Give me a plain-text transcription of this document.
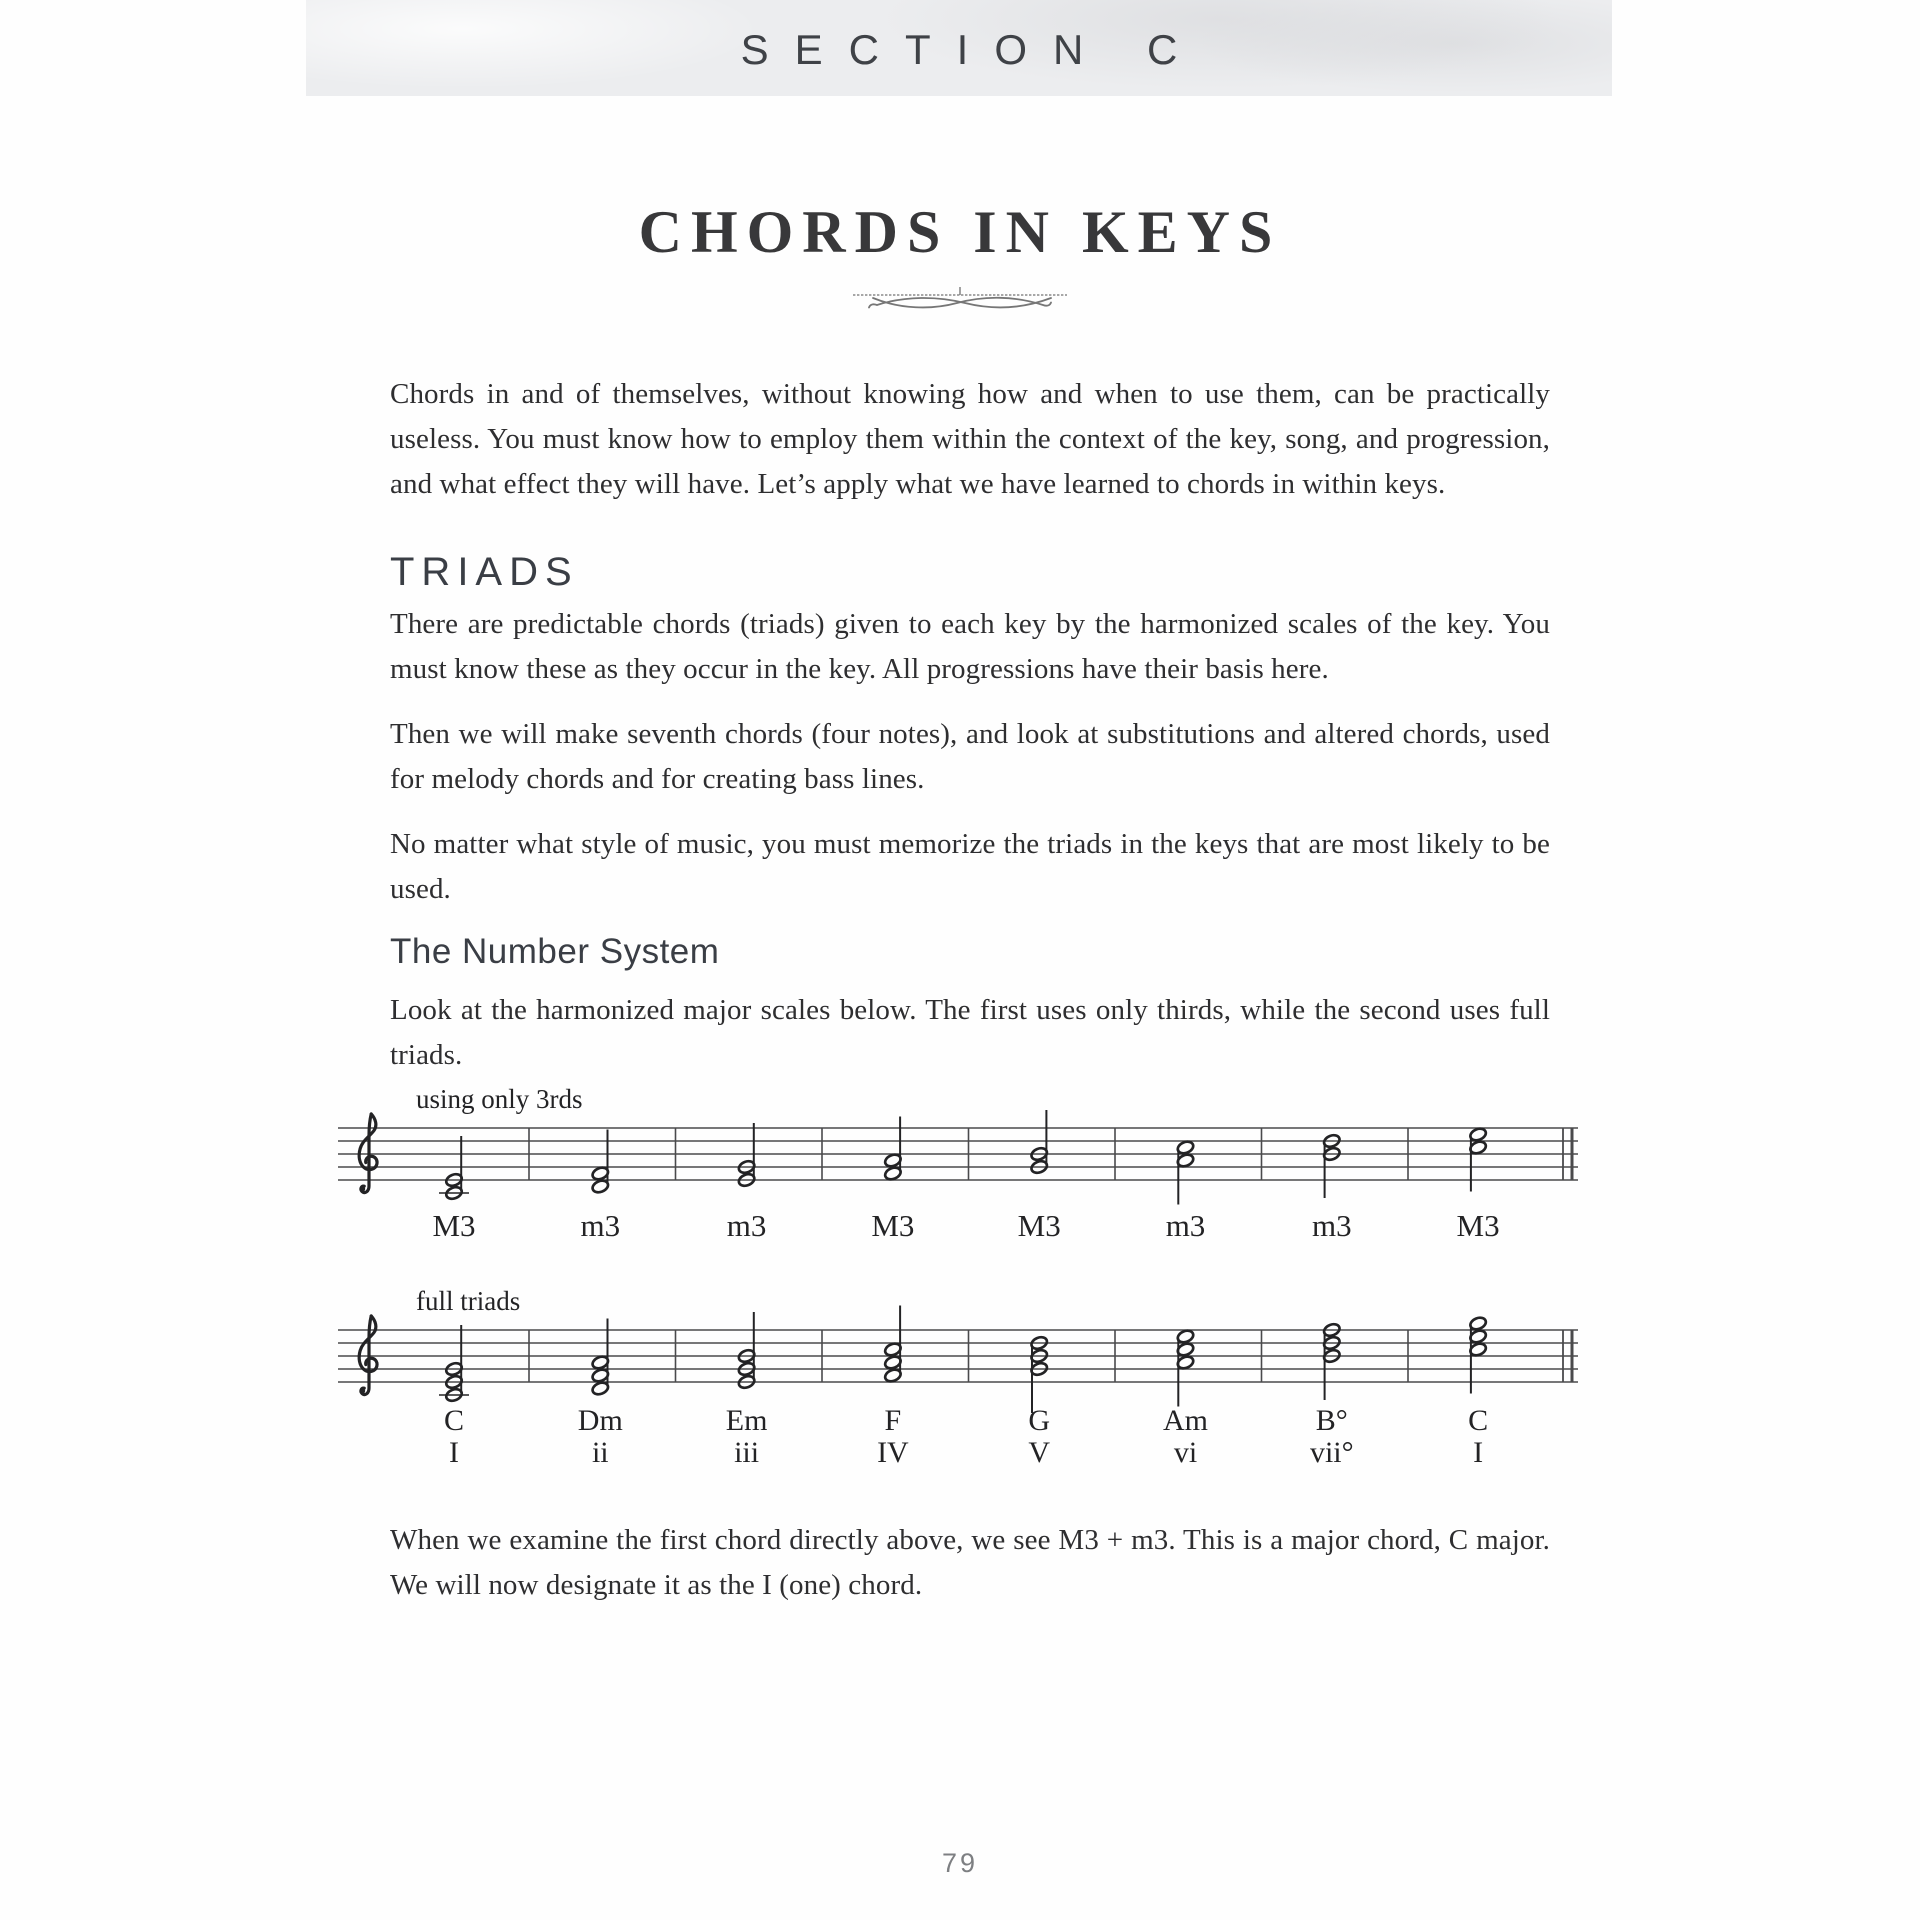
SECTION C
CHORDS IN KEYS
Chords in and of themselves, without knowing how and when to use them, can be practically useless. You must know how to employ them within the context of the key, song, and progression, and what effect they will have. Let’s apply what we have learned to chords in within keys.
TRIADS
There are predictable chords (triads) given to each key by the harmonized scales of the key. You must know these as they occur in the key. All progressions have their basis here.
Then we will make seventh chords (four notes), and look at substitutions and altered chords, used for melody chords and for creating bass lines.
No matter what style of music, you must memorize the triads in the keys that are most likely to be used.
The Number System
Look at the harmonized major scales below. The first uses only thirds, while the second uses full triads.
using only 3rds
M3	m3	m3	M3	M3	m3	m3	M3
full triads
C	Dm	Em	F	G	Am	B°	C
I	ii	iii	IV	V	vi	vii°	I
When we examine the first chord directly above, we see M3 + m3. This is a major chord, C major. We will now designate it as the I (one) chord.
79
